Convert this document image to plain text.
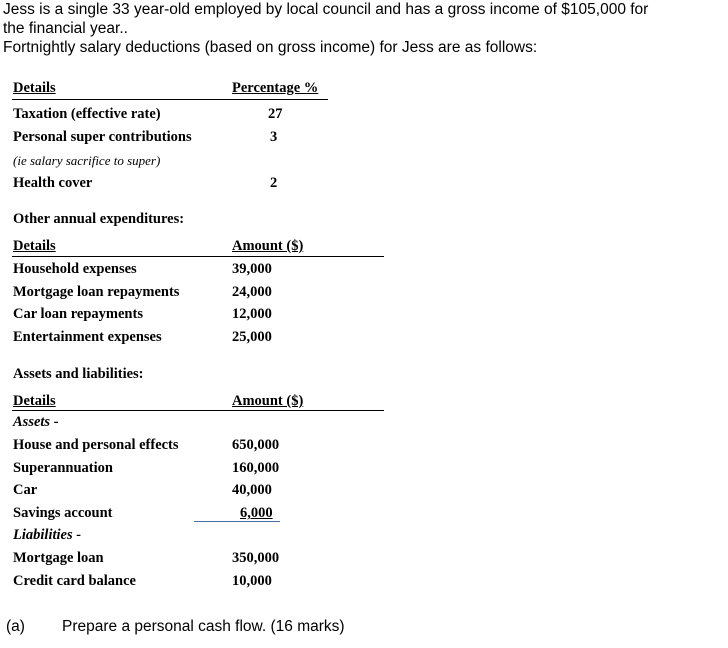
Jess is a single 33 year-old employed by local council and has a gross income of $105,000 for
the financial year..
Fortnightly salary deductions (based on gross income) for Jess are as follows:
Details	Percentage %
Taxation (effective rate)	27
Personal super contributions	3
(ie salary sacrifice to super)
Health cover	2
Other annual expenditures:
Details	Amount ($)
Household expenses	39,000
Mortgage loan repayments	24,000
Car loan repayments	12,000
Entertainment expenses	25,000
Assets and liabilities:
Details	Amount ($)
Assets -
House and personal effects	650,000
Superannuation	160,000
Car	40,000
Savings account	6,000
Liabilities -
Mortgage loan	350,000
Credit card balance	10,000
(a) Prepare a personal cash flow. (16 marks)
